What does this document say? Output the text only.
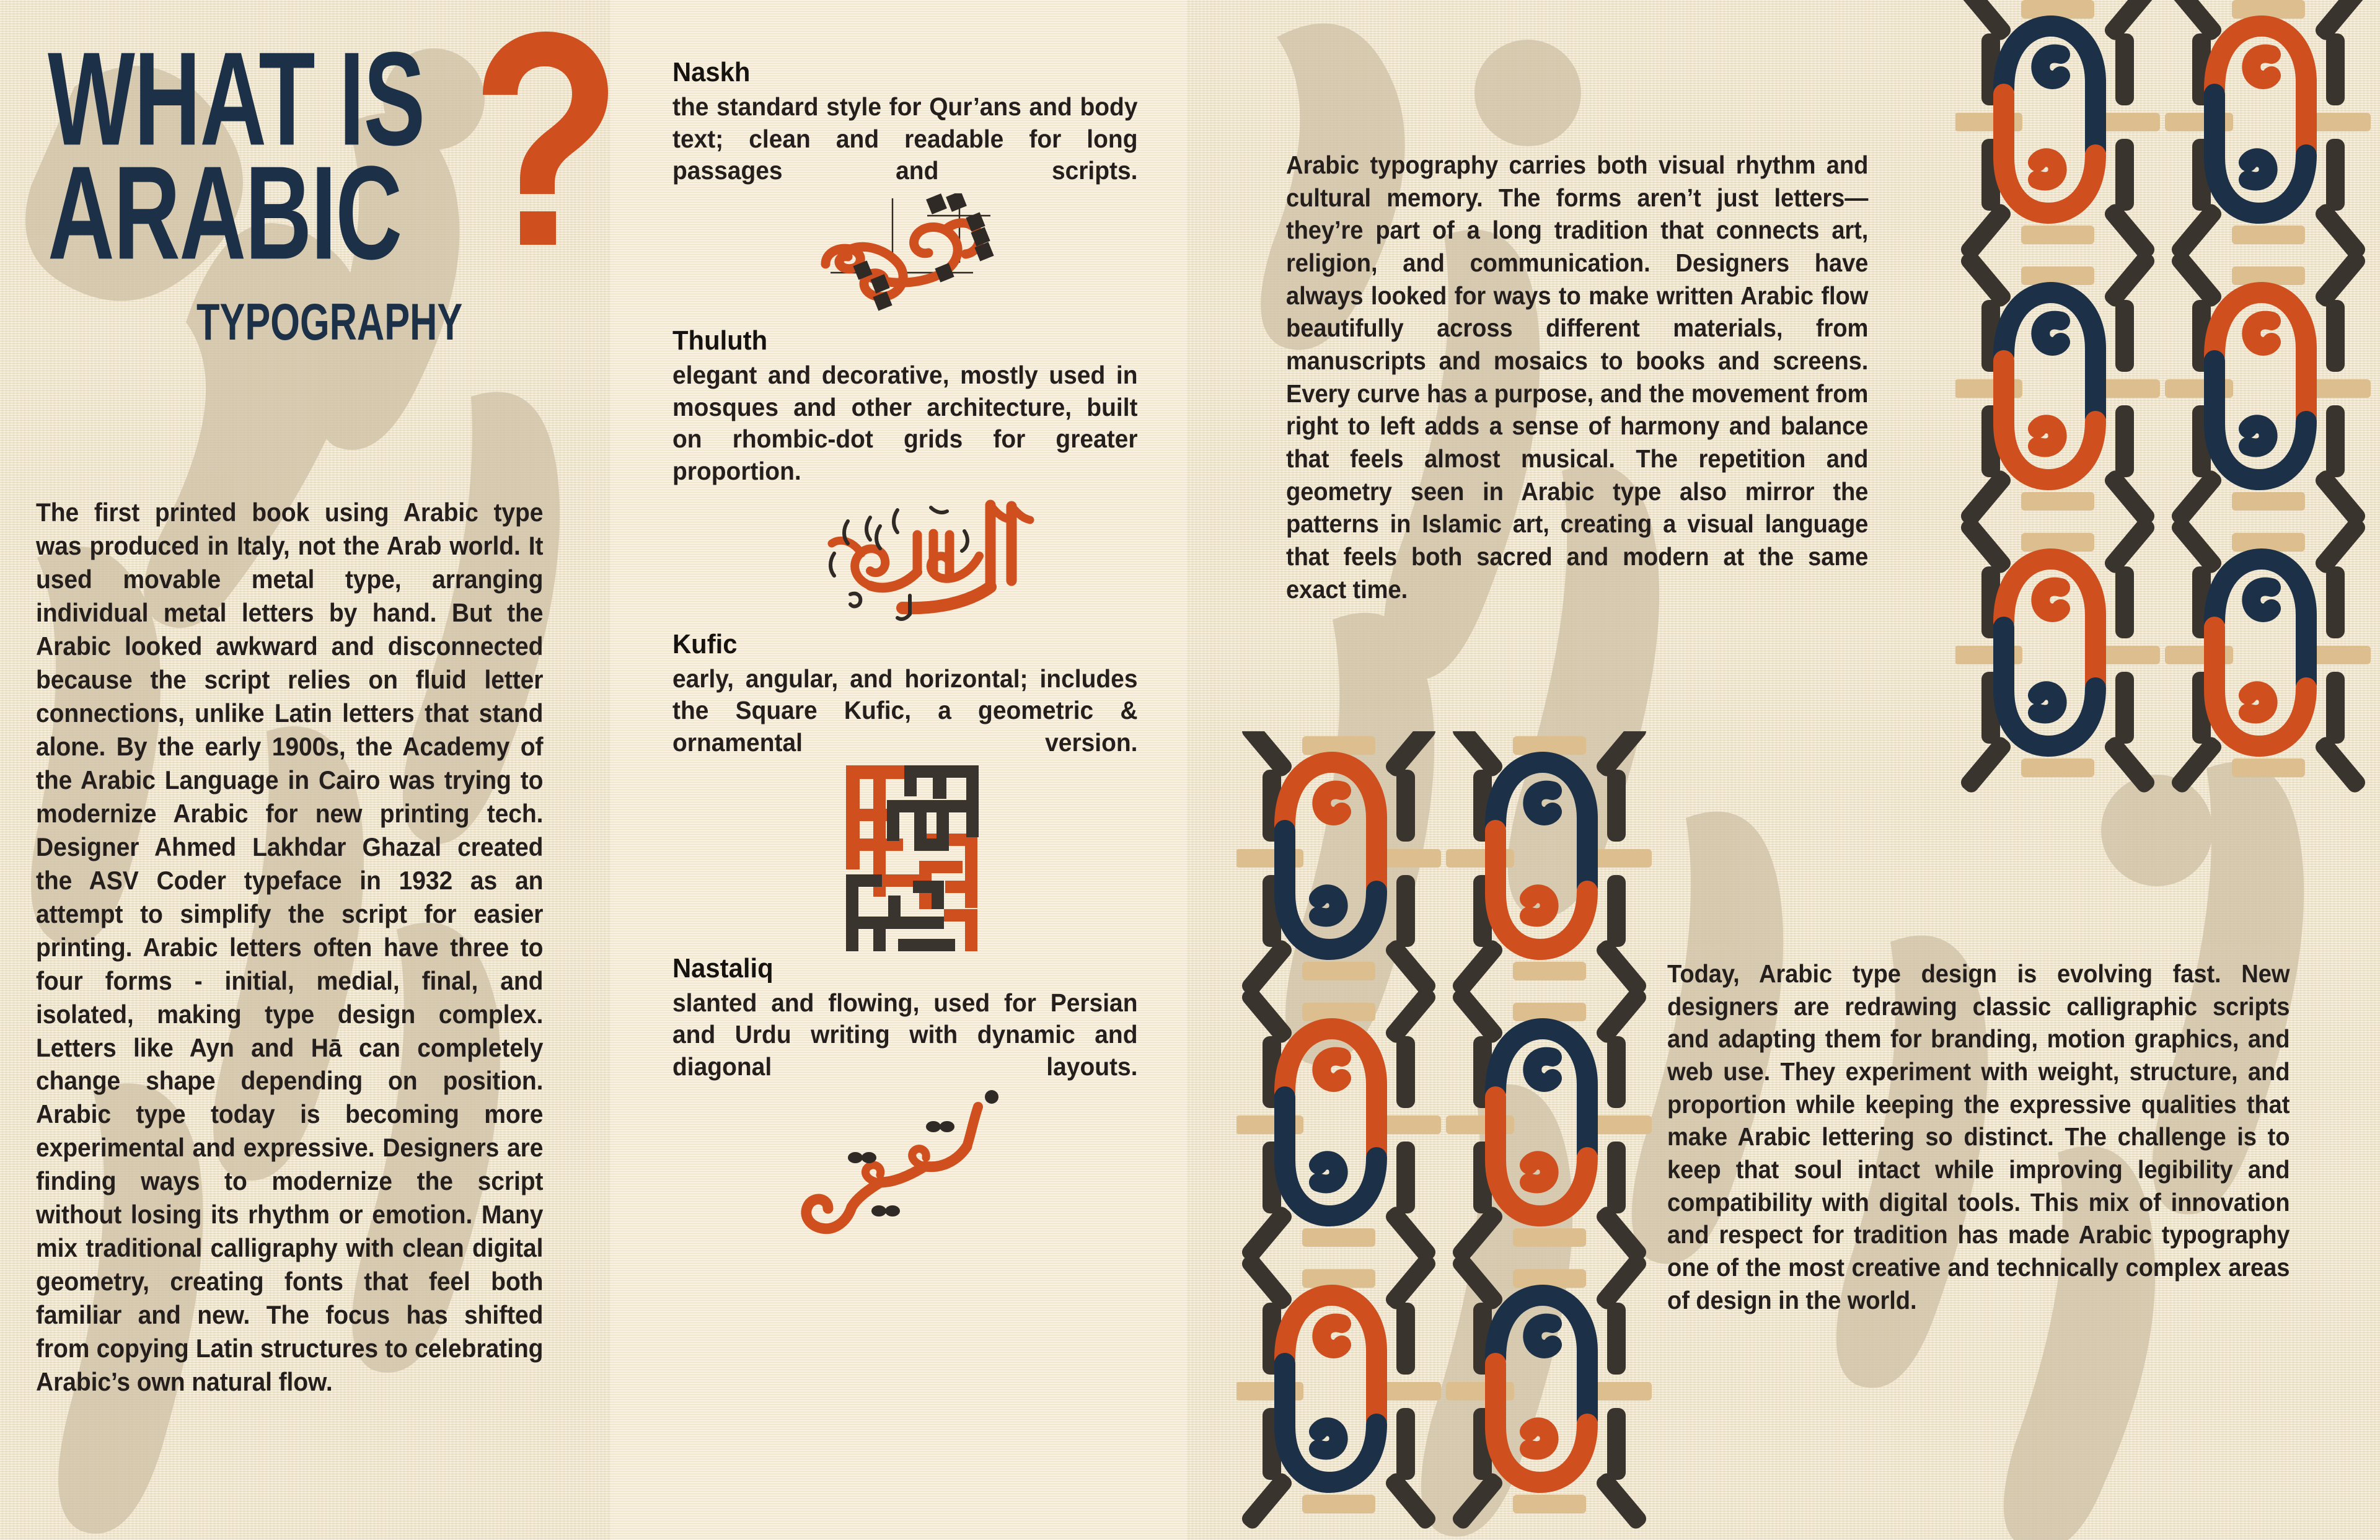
WHAT IS
ARABIC
TYPOGRAPHY
The first printed book using Arabic type was produced in Italy, not the Arab world. It used movable metal type, arranging individual metal letters by hand. But the Arabic looked awkward and disconnected because the script relies on fluid letter connections, unlike Latin letters that stand alone. By the early 1900s, the Academy of the Arabic Language in Cairo was trying to modernize Arabic for new printing tech. Designer Ahmed Lakhdar Ghazal created the ASV Coder typeface in 1932 as an attempt to simplify the script for easier printing. Arabic letters often have three to four forms - initial, medial, final, and isolated, making type design complex. Letters like Ayn and Hā can completely change shape depending on position. Arabic type today is becoming more experimental and expressive. Designers are finding ways to modernize the script without losing its rhythm or emotion. Many mix traditional calligraphy with clean digital geometry, creating fonts that feel both familiar and new. The focus has shifted from copying Latin structures to celebrating Arabic’s own natural flow.
Naskh
the standard style for Qur’ans and body text; clean and readable for long passages and scripts.
Thuluth
elegant and decorative, mostly used in mosques and other architecture, built on rhombic-dot grids for greater proportion.
Kufic
early, angular, and horizontal; includes the Square Kufic, a geometric & ornamental version.
Nastaliq
slanted and flowing, used for Persian and Urdu writing with dynamic and diagonal layouts.
Arabic typography carries both visual rhythm and cultural memory. The forms aren’t just letters—they’re part of a long tradition that connects art, religion, and communication. Designers have always looked for ways to make written Arabic flow beautifully across different materials, from manuscripts and mosaics to books and screens. Every curve has a purpose, and the movement from right to left adds a sense of harmony and balance that feels almost musical. The repetition and geometry seen in Arabic type also mirror the patterns in Islamic art, creating a visual language that feels both sacred and modern at the same exact time.
Today, Arabic type design is evolving fast. New designers are redrawing classic calligraphic scripts and adapting them for branding, motion graphics, and web use. They experiment with weight, structure, and proportion while keeping the expressive qualities that make Arabic lettering so distinct. The challenge is to keep that soul intact while improving legibility and compatibility with digital tools. This mix of innovation and respect for tradition has made Arabic typography one of the most creative and technically complex areas of design in the world.
